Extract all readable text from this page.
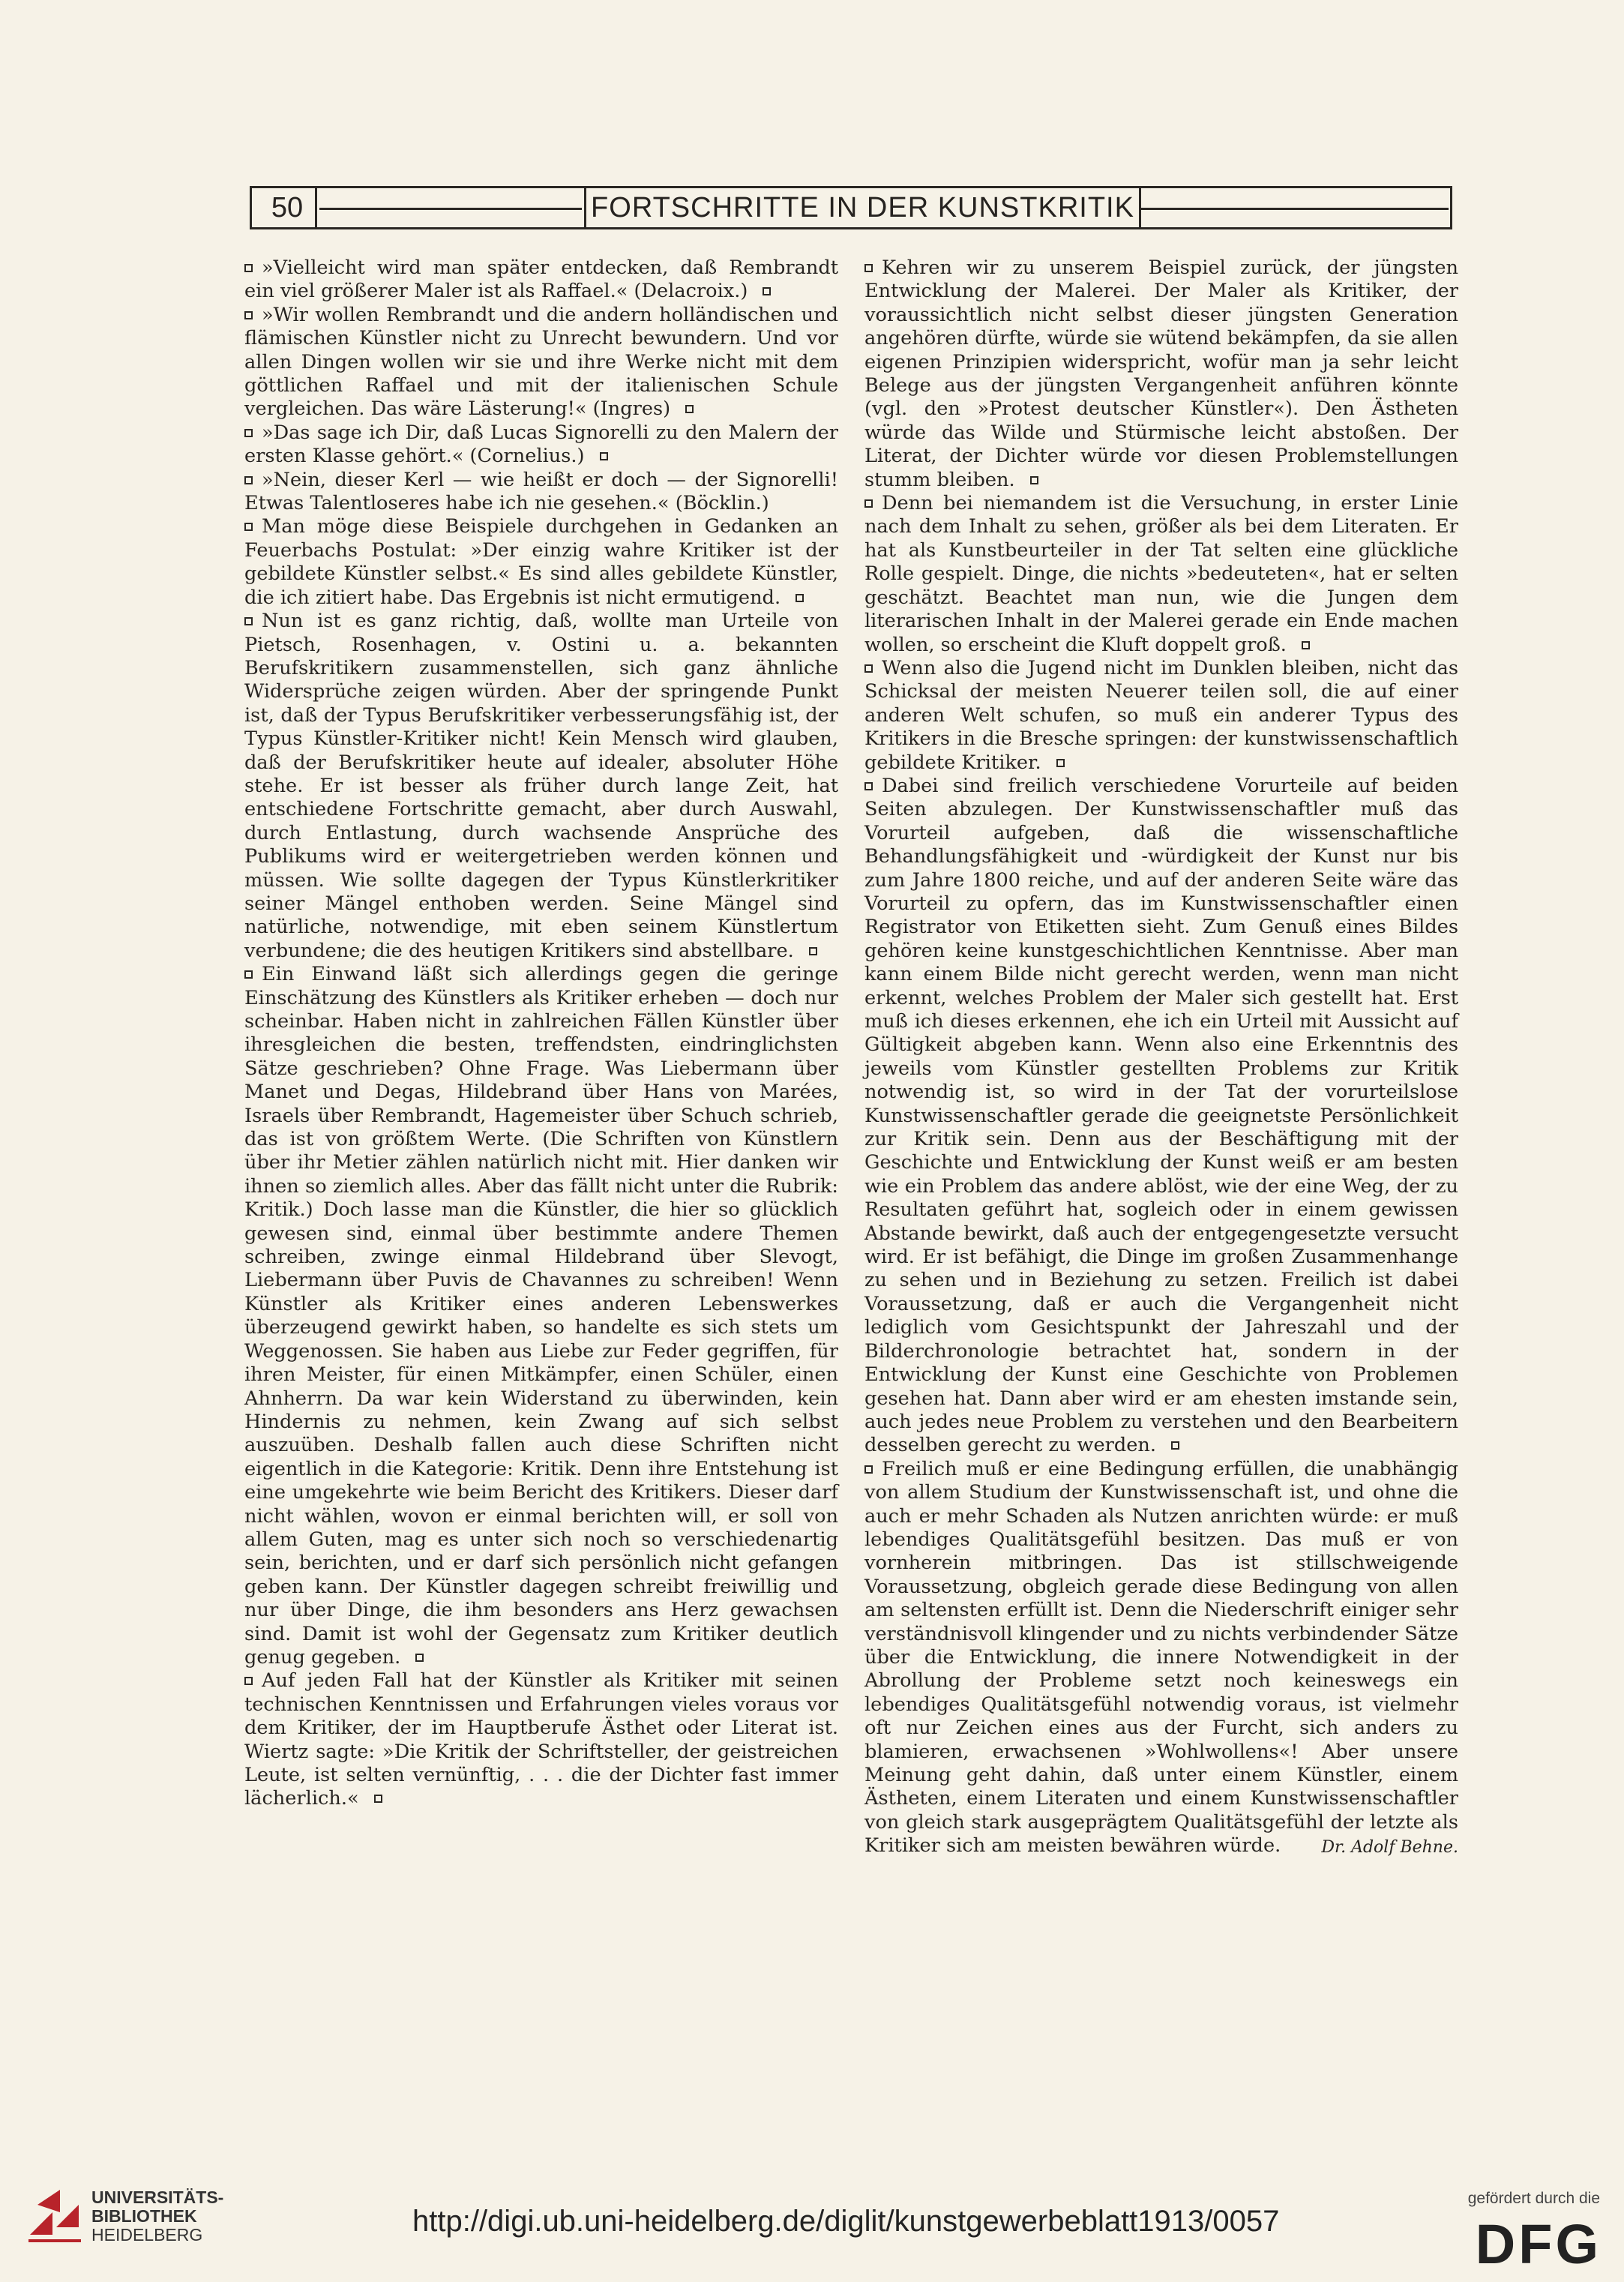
50	FORTSCHRITTE IN DER KUNSTKRITIK

»Vielleicht wird man später entdecken, daß Rembrandt ein viel größerer Maler ist als Raffael.« (Delacroix.)

»Wir wollen Rembrandt und die andern holländischen und flämischen Künstler nicht zu Unrecht bewundern. Und vor allen Dingen wollen wir sie und ihre Werke nicht mit dem göttlichen Raffael und mit der italienischen Schule vergleichen. Das wäre Lästerung!« (Ingres)

»Das sage ich Dir, daß Lucas Signorelli zu den Malern der ersten Klasse gehört.« (Cornelius.)

»Nein, dieser Kerl — wie heißt er doch — der Signorelli! Etwas Talentloseres habe ich nie gesehen.« (Böcklin.)

Man möge diese Beispiele durchgehen in Gedanken an Feuerbachs Postulat: »Der einzig wahre Kritiker ist der gebildete Künstler selbst.« Es sind alles gebildete Künstler, die ich zitiert habe. Das Ergebnis ist nicht ermutigend.

Nun ist es ganz richtig, daß, wollte man Urteile von Pietsch, Rosenhagen, v. Ostini u. a. bekannten Berufskritikern zusammenstellen, sich ganz ähnliche Widersprüche zeigen würden. Aber der springende Punkt ist, daß der Typus Berufskritiker verbesserungsfähig ist, der Typus Künstler-Kritiker nicht! Kein Mensch wird glauben, daß der Berufskritiker heute auf idealer, absoluter Höhe stehe. Er ist besser als früher durch lange Zeit, hat entschiedene Fortschritte gemacht, aber durch Auswahl, durch Entlastung, durch wachsende Ansprüche des Publikums wird er weitergetrieben werden können und müssen. Wie sollte dagegen der Typus Künstlerkritiker seiner Mängel enthoben werden. Seine Mängel sind natürliche, notwendige, mit eben seinem Künstlertum verbundene; die des heutigen Kritikers sind abstellbare.

Ein Einwand läßt sich allerdings gegen die geringe Einschätzung des Künstlers als Kritiker erheben — doch nur scheinbar. Haben nicht in zahlreichen Fällen Künstler über ihresgleichen die besten, treffendsten, eindringlichsten Sätze geschrieben? Ohne Frage. Was Liebermann über Manet und Degas, Hildebrand über Hans von Marées, Israels über Rembrandt, Hagemeister über Schuch schrieb, das ist von größtem Werte. (Die Schriften von Künstlern über ihr Metier zählen natürlich nicht mit. Hier danken wir ihnen so ziemlich alles. Aber das fällt nicht unter die Rubrik: Kritik.) Doch lasse man die Künstler, die hier so glücklich gewesen sind, einmal über bestimmte andere Themen schreiben, zwinge einmal Hildebrand über Slevogt, Liebermann über Puvis de Chavannes zu schreiben! Wenn Künstler als Kritiker eines anderen Lebenswerkes überzeugend gewirkt haben, so handelte es sich stets um Weggenossen. Sie haben aus Liebe zur Feder gegriffen, für ihren Meister, für einen Mitkämpfer, einen Schüler, einen Ahnherrn. Da war kein Widerstand zu überwinden, kein Hindernis zu nehmen, kein Zwang auf sich selbst auszuüben. Deshalb fallen auch diese Schriften nicht eigentlich in die Kategorie: Kritik. Denn ihre Entstehung ist eine umgekehrte wie beim Bericht des Kritikers. Dieser darf nicht wählen, wovon er einmal berichten will, er soll von allem Guten, mag es unter sich noch so verschiedenartig sein, berichten, und er darf sich persönlich nicht gefangen geben kann. Der Künstler dagegen schreibt freiwillig und nur über Dinge, die ihm besonders ans Herz gewachsen sind. Damit ist wohl der Gegensatz zum Kritiker deutlich genug gegeben.

Auf jeden Fall hat der Künstler als Kritiker mit seinen technischen Kenntnissen und Erfahrungen vieles voraus vor dem Kritiker, der im Hauptberufe Ästhet oder Literat ist. Wiertz sagte: »Die Kritik der Schriftsteller, der geistreichen Leute, ist selten vernünftig, . . . die der Dichter fast immer lächerlich.«

Kehren wir zu unserem Beispiel zurück, der jüngsten Entwicklung der Malerei. Der Maler als Kritiker, der voraussichtlich nicht selbst dieser jüngsten Generation angehören dürfte, würde sie wütend bekämpfen, da sie allen eigenen Prinzipien widerspricht, wofür man ja sehr leicht Belege aus der jüngsten Vergangenheit anführen könnte (vgl. den »Protest deutscher Künstler«). Den Ästheten würde das Wilde und Stürmische leicht abstoßen. Der Literat, der Dichter würde vor diesen Problemstellungen stumm bleiben.

Denn bei niemandem ist die Versuchung, in erster Linie nach dem Inhalt zu sehen, größer als bei dem Literaten. Er hat als Kunstbeurteiler in der Tat selten eine glückliche Rolle gespielt. Dinge, die nichts »bedeuteten«, hat er selten geschätzt. Beachtet man nun, wie die Jungen dem literarischen Inhalt in der Malerei gerade ein Ende machen wollen, so erscheint die Kluft doppelt groß.

Wenn also die Jugend nicht im Dunklen bleiben, nicht das Schicksal der meisten Neuerer teilen soll, die auf einer anderen Welt schufen, so muß ein anderer Typus des Kritikers in die Bresche springen: der kunstwissenschaftlich gebildete Kritiker.

Dabei sind freilich verschiedene Vorurteile auf beiden Seiten abzulegen. Der Kunstwissenschaftler muß das Vorurteil aufgeben, daß die wissenschaftliche Behandlungsfähigkeit und -würdigkeit der Kunst nur bis zum Jahre 1800 reiche, und auf der anderen Seite wäre das Vorurteil zu opfern, das im Kunstwissenschaftler einen Registrator von Etiketten sieht. Zum Genuß eines Bildes gehören keine kunstgeschichtlichen Kenntnisse. Aber man kann einem Bilde nicht gerecht werden, wenn man nicht erkennt, welches Problem der Maler sich gestellt hat. Erst muß ich dieses erkennen, ehe ich ein Urteil mit Aussicht auf Gültigkeit abgeben kann. Wenn also eine Erkenntnis des jeweils vom Künstler gestellten Problems zur Kritik notwendig ist, so wird in der Tat der vorurteilslose Kunstwissenschaftler gerade die geeignetste Persönlichkeit zur Kritik sein. Denn aus der Beschäftigung mit der Geschichte und Entwicklung der Kunst weiß er am besten wie ein Problem das andere ablöst, wie der eine Weg, der zu Resultaten geführt hat, sogleich oder in einem gewissen Abstande bewirkt, daß auch der entgegengesetzte versucht wird. Er ist befähigt, die Dinge im großen Zusammenhange zu sehen und in Beziehung zu setzen. Freilich ist dabei Voraussetzung, daß er auch die Vergangenheit nicht lediglich vom Gesichtspunkt der Jahreszahl und der Bilderchronologie betrachtet hat, sondern in der Entwicklung der Kunst eine Geschichte von Problemen gesehen hat. Dann aber wird er am ehesten imstande sein, auch jedes neue Problem zu verstehen und den Bearbeitern desselben gerecht zu werden.

Freilich muß er eine Bedingung erfüllen, die unabhängig von allem Studium der Kunstwissenschaft ist, und ohne die auch er mehr Schaden als Nutzen anrichten würde: er muß lebendiges Qualitätsgefühl besitzen. Das muß er von vornherein mitbringen. Das ist stillschweigende Voraussetzung, obgleich gerade diese Bedingung von allen am seltensten erfüllt ist. Denn die Niederschrift einiger sehr verständnisvoll klingender und zu nichts verbindender Sätze über die Entwicklung, die innere Notwendigkeit in der Abrollung der Probleme setzt noch keineswegs ein lebendiges Qualitätsgefühl notwendig voraus, ist vielmehr oft nur Zeichen eines aus der Furcht, sich anders zu blamieren, erwachsenen »Wohlwollens«! Aber unsere Meinung geht dahin, daß unter einem Künstler, einem Ästheten, einem Literaten und einem Kunstwissenschaftler von gleich stark ausgeprägtem Qualitätsgefühl der letzte als Kritiker sich am meisten bewähren würde.	Dr. Adolf Behne.
UNIVERSITÄTS-
BIBLIOTHEK
HEIDELBERG	http://digi.ub.uni-heidelberg.de/diglit/kunstgewerbeblatt1913/0057
gefördert durch die
DFG
